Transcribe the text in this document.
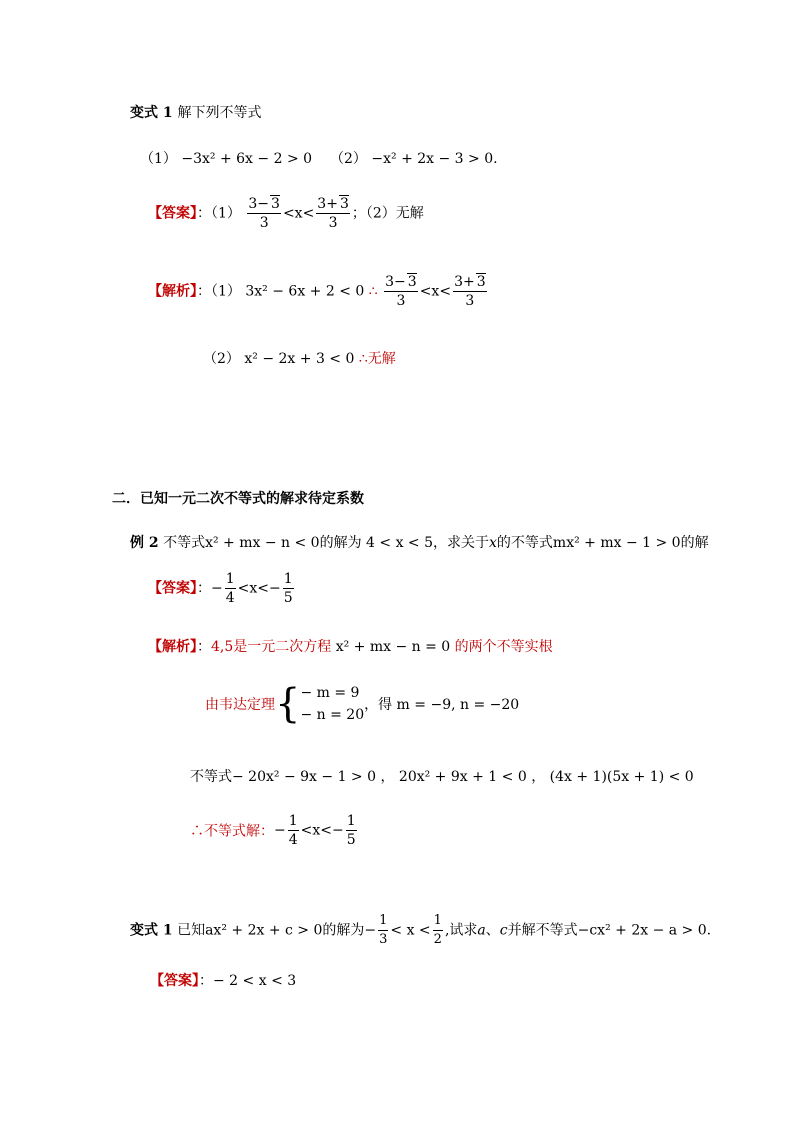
变式 1 解下列不等式
（1） −3x² + 6x − 2 > 0 （2） −x² + 2x − 3 > 0.
【答案】：$(1) \frac{3- 3}{3} <x< \frac{3+ 3}{3}$ ；（2）无解
【解析】：（1） 3x² − 6x + 2 < 0 ∴ $\frac{3- 3}{3} <x< \frac{3+ 3}{3}$
（2） x² − 2x + 3 < 0 ∴无解
二．已知一元二次不等式的解求待定系数
例 2 不等式x² + mx − n < 0的解为 4 < x < 5，求关于x的不等式mx² + mx − 1 > 0的解
【答案】：− $\frac{1}{4} <x<- \frac{1}{5}$
【解析】：4,5是一元二次方程 x² + mx − n = 0 的两个不等实根
由韦达定理{ − m = 9
− n = 20
，得 m = −9, n = −20
不等式− 20x² − 9x − 1 > 0 ， 20x² + 9x + 1 < 0 ， (4x + 1)(5x + 1) < 0
∴不等式解：− $\frac{1}{4} <x<- \frac{1}{5}$
变式 1 已知ax² + 2x + c > 0的解为− $\frac{1}{3} < x < \frac{1}{2}$ ,试求a、c并解不等式−cx² + 2x − a > 0.
【答案】：− 2 < x < 3
